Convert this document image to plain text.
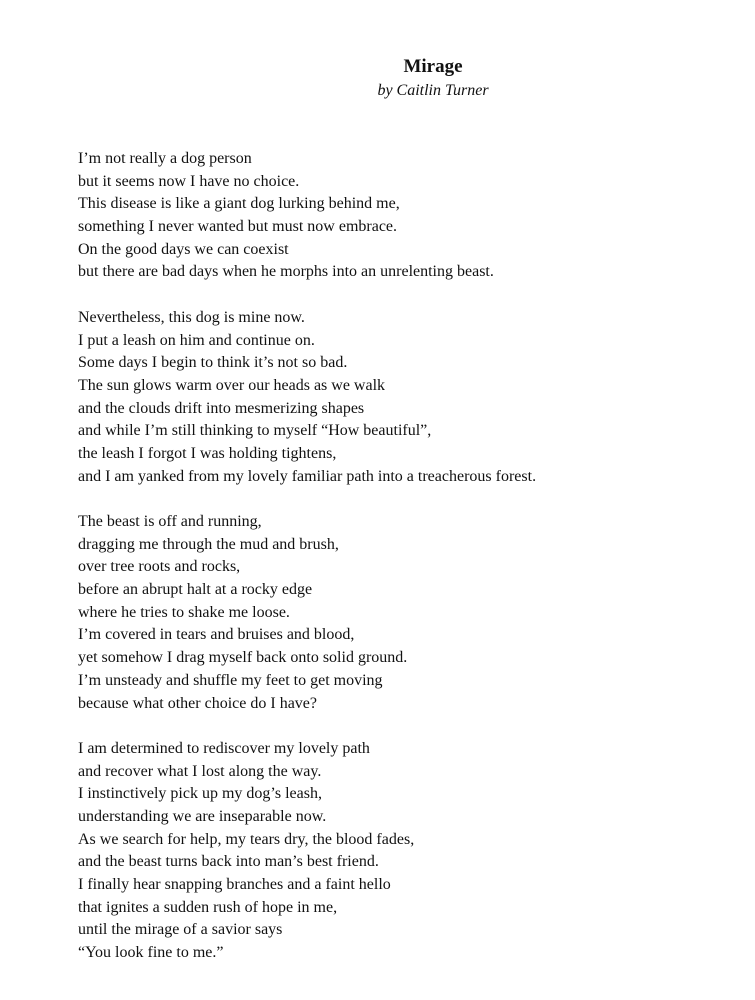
Mirage
by Caitlin Turner
I’m not really a dog person
but it seems now I have no choice.
This disease is like a giant dog lurking behind me,
something I never wanted but must now embrace.
On the good days we can coexist
but there are bad days when he morphs into an unrelenting beast.
Nevertheless, this dog is mine now.
I put a leash on him and continue on.
Some days I begin to think it’s not so bad.
The sun glows warm over our heads as we walk
and the clouds drift into mesmerizing shapes
and while I’m still thinking to myself “How beautiful”,
the leash I forgot I was holding tightens,
and I am yanked from my lovely familiar path into a treacherous forest.
The beast is off and running,
dragging me through the mud and brush,
over tree roots and rocks,
before an abrupt halt at a rocky edge
where he tries to shake me loose.
I’m covered in tears and bruises and blood,
yet somehow I drag myself back onto solid ground.
I’m unsteady and shuffle my feet to get moving
because what other choice do I have?
I am determined to rediscover my lovely path
and recover what I lost along the way.
I instinctively pick up my dog’s leash,
understanding we are inseparable now.
As we search for help, my tears dry, the blood fades,
and the beast turns back into man’s best friend.
I finally hear snapping branches and a faint hello
that ignites a sudden rush of hope in me,
until the mirage of a savior says
“You look fine to me.”
